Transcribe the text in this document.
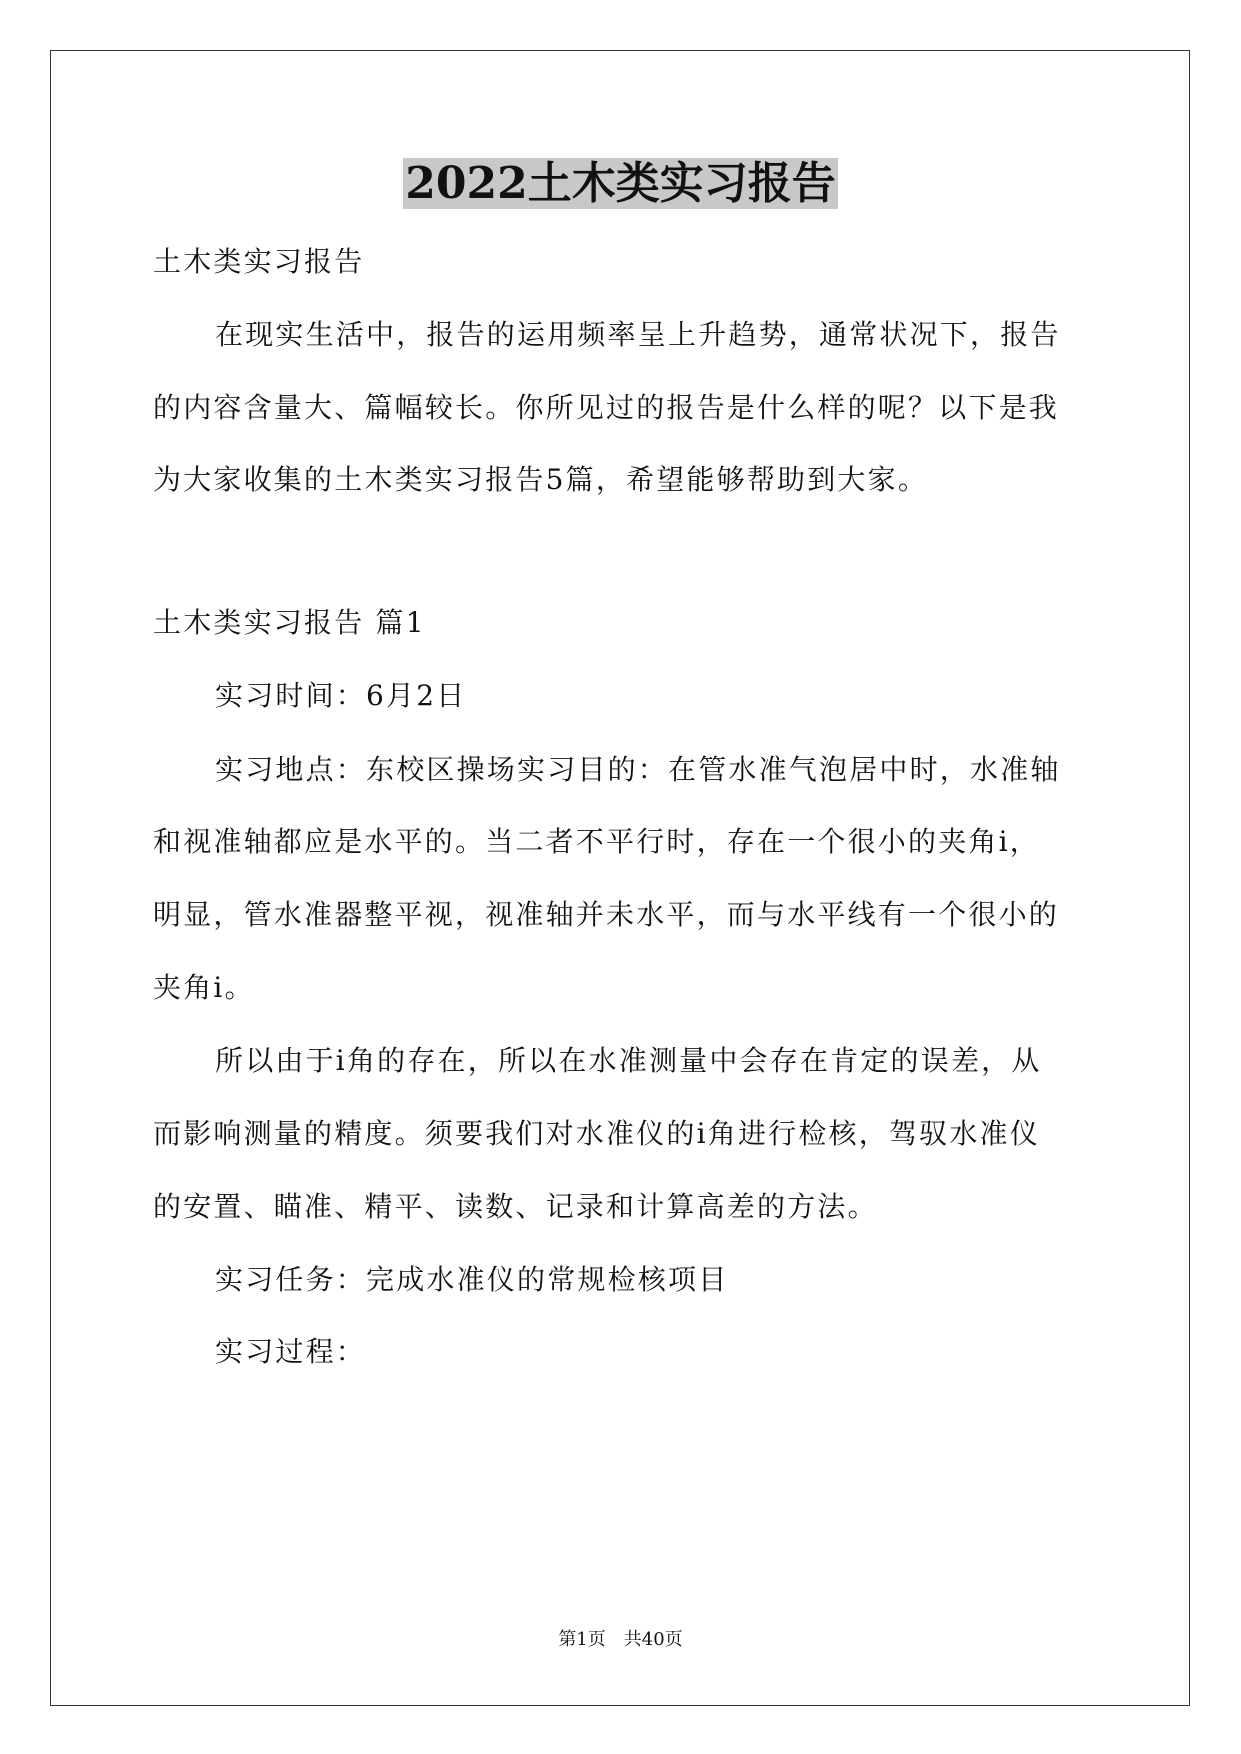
2022土木类实习报告
土木类实习报告
在现实生活中，报告的运用频率呈上升趋势，通常状况下，报告
的内容含量大、篇幅较长。你所见过的报告是什么样的呢？以下是我
为大家收集的土木类实习报告5篇，希望能够帮助到大家。
土木类实习报告 篇1
实习时间：6月2日
实习地点：东校区操场实习目的：在管水准气泡居中时，水准轴
和视准轴都应是水平的。当二者不平行时，存在一个很小的夹角i，
明显，管水准器整平视，视准轴并未水平，而与水平线有一个很小的
夹角i。
所以由于i角的存在，所以在水准测量中会存在肯定的误差，从
而影响测量的精度。须要我们对水准仪的i角进行检核，驾驭水准仪
的安置、瞄准、精平、读数、记录和计算高差的方法。
实习任务：完成水准仪的常规检核项目
实习过程：
第1页　共40页
